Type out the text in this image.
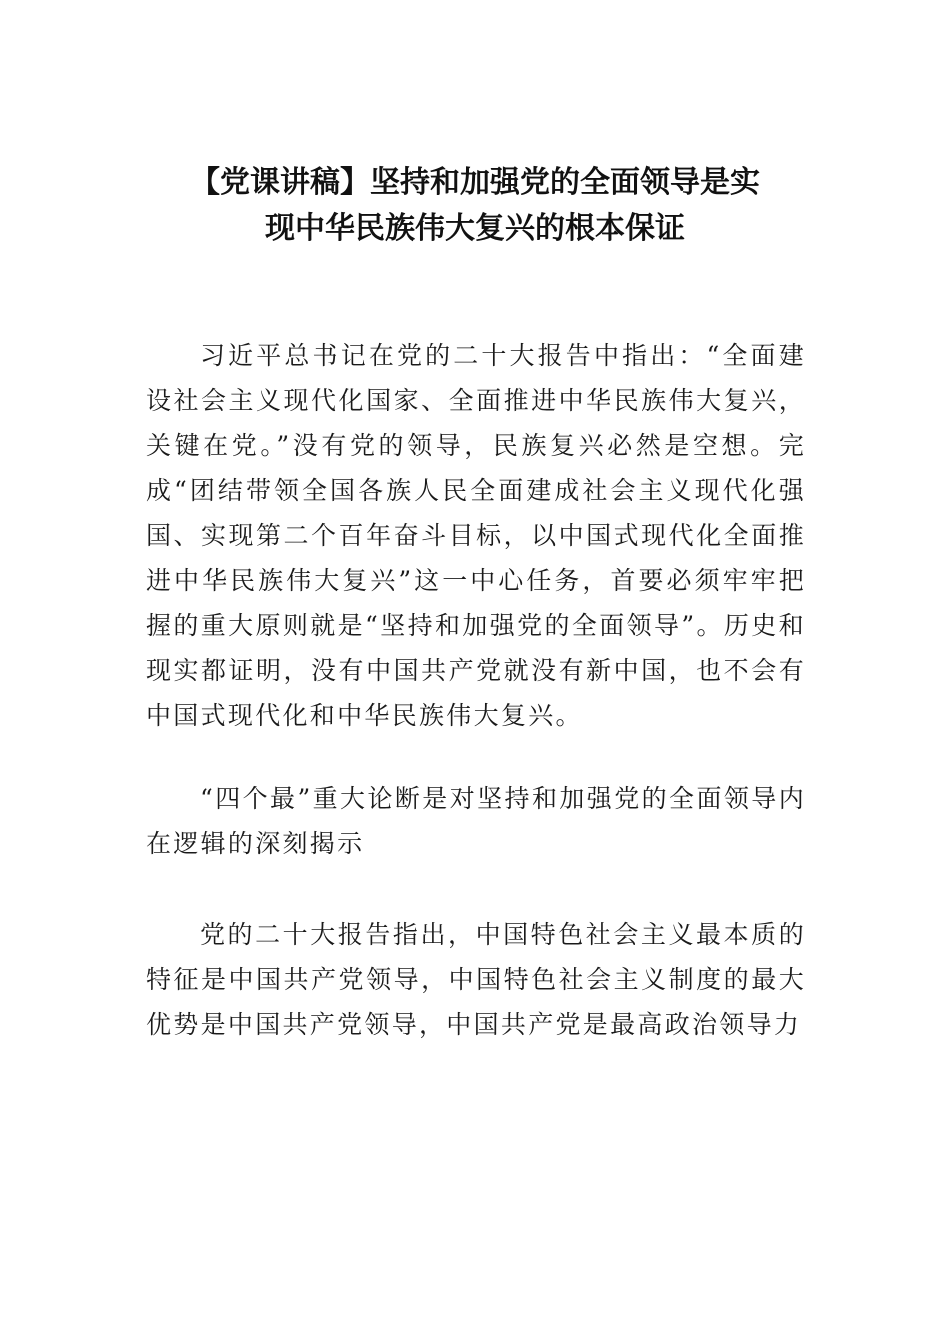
【党课讲稿】坚持和加强党的全面领导是实
现中华民族伟大复兴的根本保证

习近平总书记在党的二十大报告中指出：“全面建设社会主义现代化国家、全面推进中华民族伟大复兴，关键在党。”没有党的领导，民族复兴必然是空想。完成“团结带领全国各族人民全面建成社会主义现代化强国、实现第二个百年奋斗目标，以中国式现代化全面推进中华民族伟大复兴”这一中心任务，首要必须牢牢把握的重大原则就是“坚持和加强党的全面领导”。历史和现实都证明，没有中国共产党就没有新中国，也不会有中国式现代化和中华民族伟大复兴。

“四个最”重大论断是对坚持和加强党的全面领导内在逻辑的深刻揭示

党的二十大报告指出，中国特色社会主义最本质的特征是中国共产党领导，中国特色社会主义制度的最大优势是中国共产党领导，中国共产党是最高政治领导力
